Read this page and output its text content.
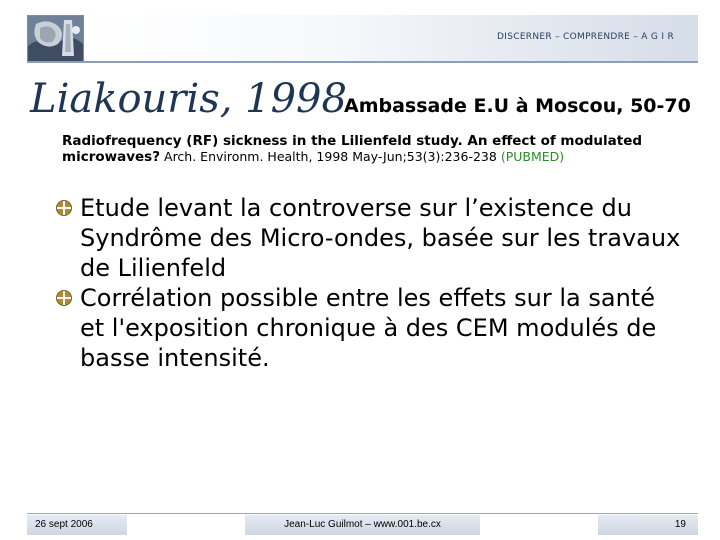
DISCERNER – COMPRENDRE – A G I R
Liakouris, 1998
Ambassade E.U à Moscou, 50-70
Radiofrequency (RF) sickness in the Lilienfeld study. An effect of modulated microwaves? Arch. Environm. Health, 1998 May-Jun;53(3):236-238 (PUBMED)
Etude levant la controverse sur l’existence du Syndrôme des Micro-ondes, basée sur les travaux de Lilienfeld
Corrélation possible entre les effets sur la santé et l'exposition chronique à des CEM modulés de basse intensité.
26 sept 2006	Jean-Luc Guilmot – www.001.be.cx	19
